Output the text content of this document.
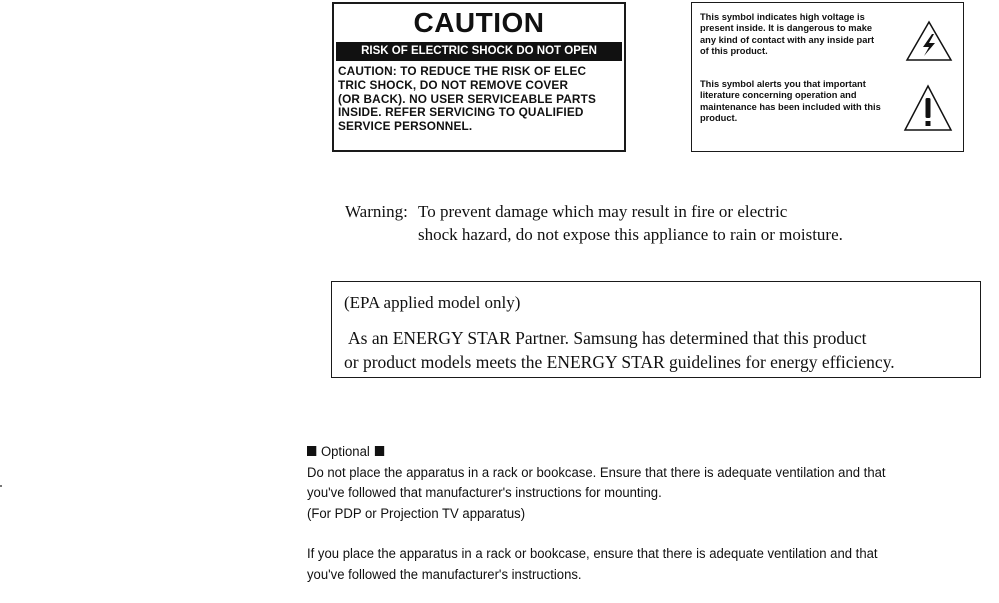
CAUTION
RISK OF ELECTRIC SHOCK DO NOT OPEN
CAUTION: TO REDUCE THE RISK OF ELEC
TRIC SHOCK, DO NOT REMOVE COVER
(OR BACK). NO USER SERVICEABLE PARTS
INSIDE. REFER SERVICING TO QUALIFIED
SERVICE PERSONNEL.
This symbol indicates high voltage is
present inside. It is dangerous to make
any kind of contact with any inside part
of this product.
This symbol alerts you that important
literature concerning operation and
maintenance has been included with this
product.
Warning: To prevent damage which may result in fire or electric
shock hazard, do not expose this appliance to rain or moisture.
(EPA applied model only)
As an ENERGY STAR Partner. Samsung has determined that this product
or product models meets the ENERGY STAR guidelines for energy efficiency.
Optional
Do not place the apparatus in a rack or bookcase. Ensure that there is adequate ventilation and that
you've followed that manufacturer's instructions for mounting.
(For PDP or Projection TV apparatus)
If you place the apparatus in a rack or bookcase, ensure that there is adequate ventilation and that
you've followed the manufacturer's instructions.
